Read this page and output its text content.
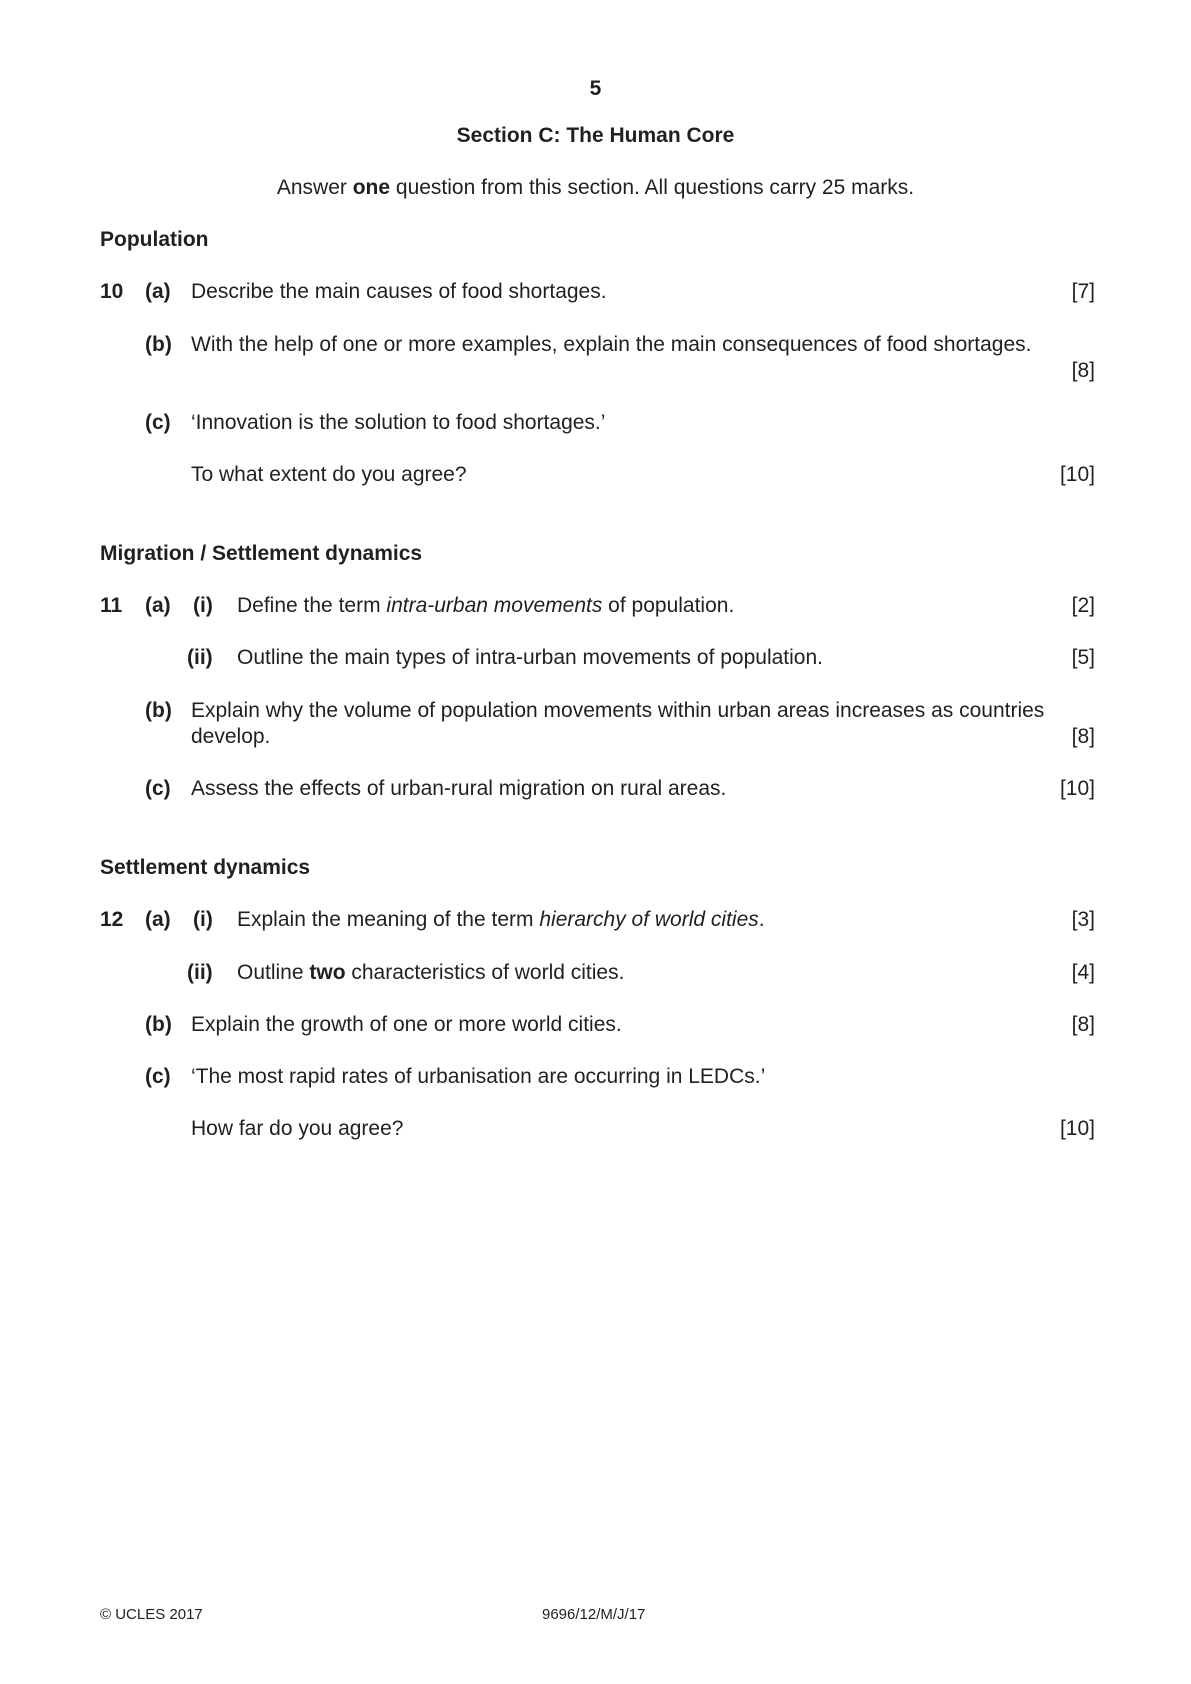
5
Section C: The Human Core
Answer one question from this section. All questions carry 25 marks.
Population
10 (a) Describe the main causes of food shortages.	[7]
(b) With the help of one or more examples, explain the main consequences of food shortages.
[8]
(c) ‘Innovation is the solution to food shortages.’
To what extent do you agree?	[10]
Migration / Settlement dynamics
11 (a) (i) Define the term intra-urban movements of population.	[2]
(ii) Outline the main types of intra-urban movements of population.	[5]
(b) Explain why the volume of population movements within urban areas increases as countries
develop.	[8]
(c) Assess the effects of urban-rural migration on rural areas.	[10]
Settlement dynamics
12 (a) (i) Explain the meaning of the term hierarchy of world cities.	[3]
(ii) Outline two characteristics of world cities.	[4]
(b) Explain the growth of one or more world cities.	[8]
(c) ‘The most rapid rates of urbanisation are occurring in LEDCs.’
How far do you agree?	[10]
© UCLES 2017	9696/12/M/J/17
